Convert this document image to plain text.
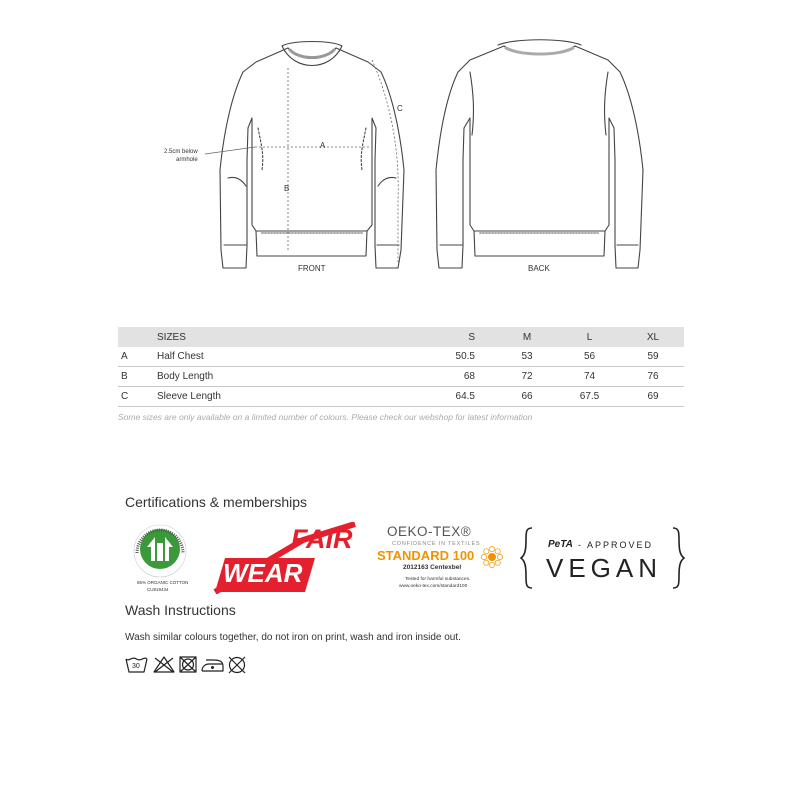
A
B
C
2.5cm below
armhole
FRONT	BACK
	SIZES	S	M	L	XL
A	Half Chest	50.5	53	56	59
B	Body Length	68	72	74	76
C	Sleeve Length	64.5	66	67.5	69
Some sizes are only available on a limited number of colours. Please check our webshop for latest information
Certifications & memberships
85% ORGANIC COTTON
CU819434
FAIR
WEAR
OEKO-TEX®
CONFIDENCE IN TEXTILES
STANDARD 100
2012163 Centexbel
Tested for harmful substances.
www.oeko-tex.com/standard100
PeTA - APPROVED
VEGAN
Wash Instructions
Wash similar colours together, do not iron on print, wash and iron inside out.
30
